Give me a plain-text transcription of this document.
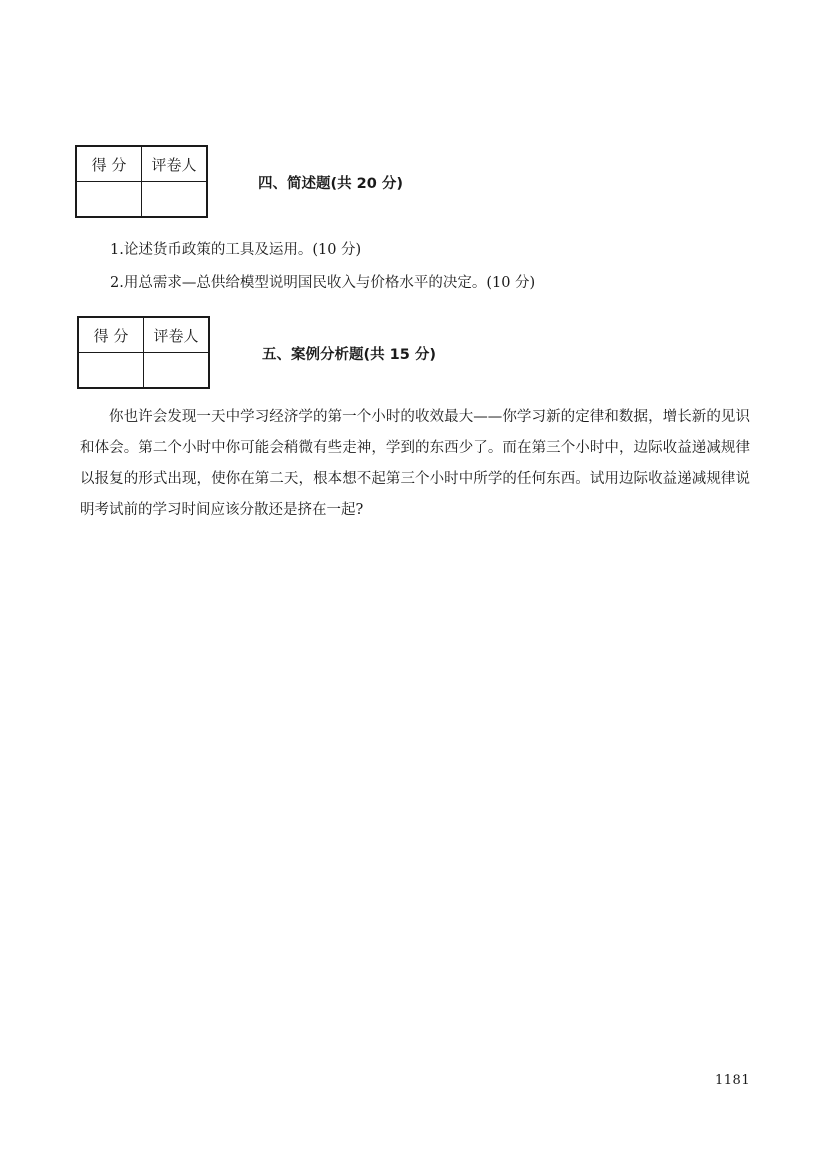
得 分	评卷人

四、简述题(共 20 分)
1.论述货币政策的工具及运用。(10 分)
2.用总需求—总供给模型说明国民收入与价格水平的决定。(10 分)
得 分	评卷人

五、案例分析题(共 15 分)
你也许会发现一天中学习经济学的第一个小时的收效最大——你学习新的定律和数据，增长新的见识和体会。第二个小时中你可能会稍微有些走神，学到的东西少了。而在第三个小时中，边际收益递减规律以报复的形式出现，使你在第二天，根本想不起第三个小时中所学的任何东西。试用边际收益递减规律说明考试前的学习时间应该分散还是挤在一起?
1181
